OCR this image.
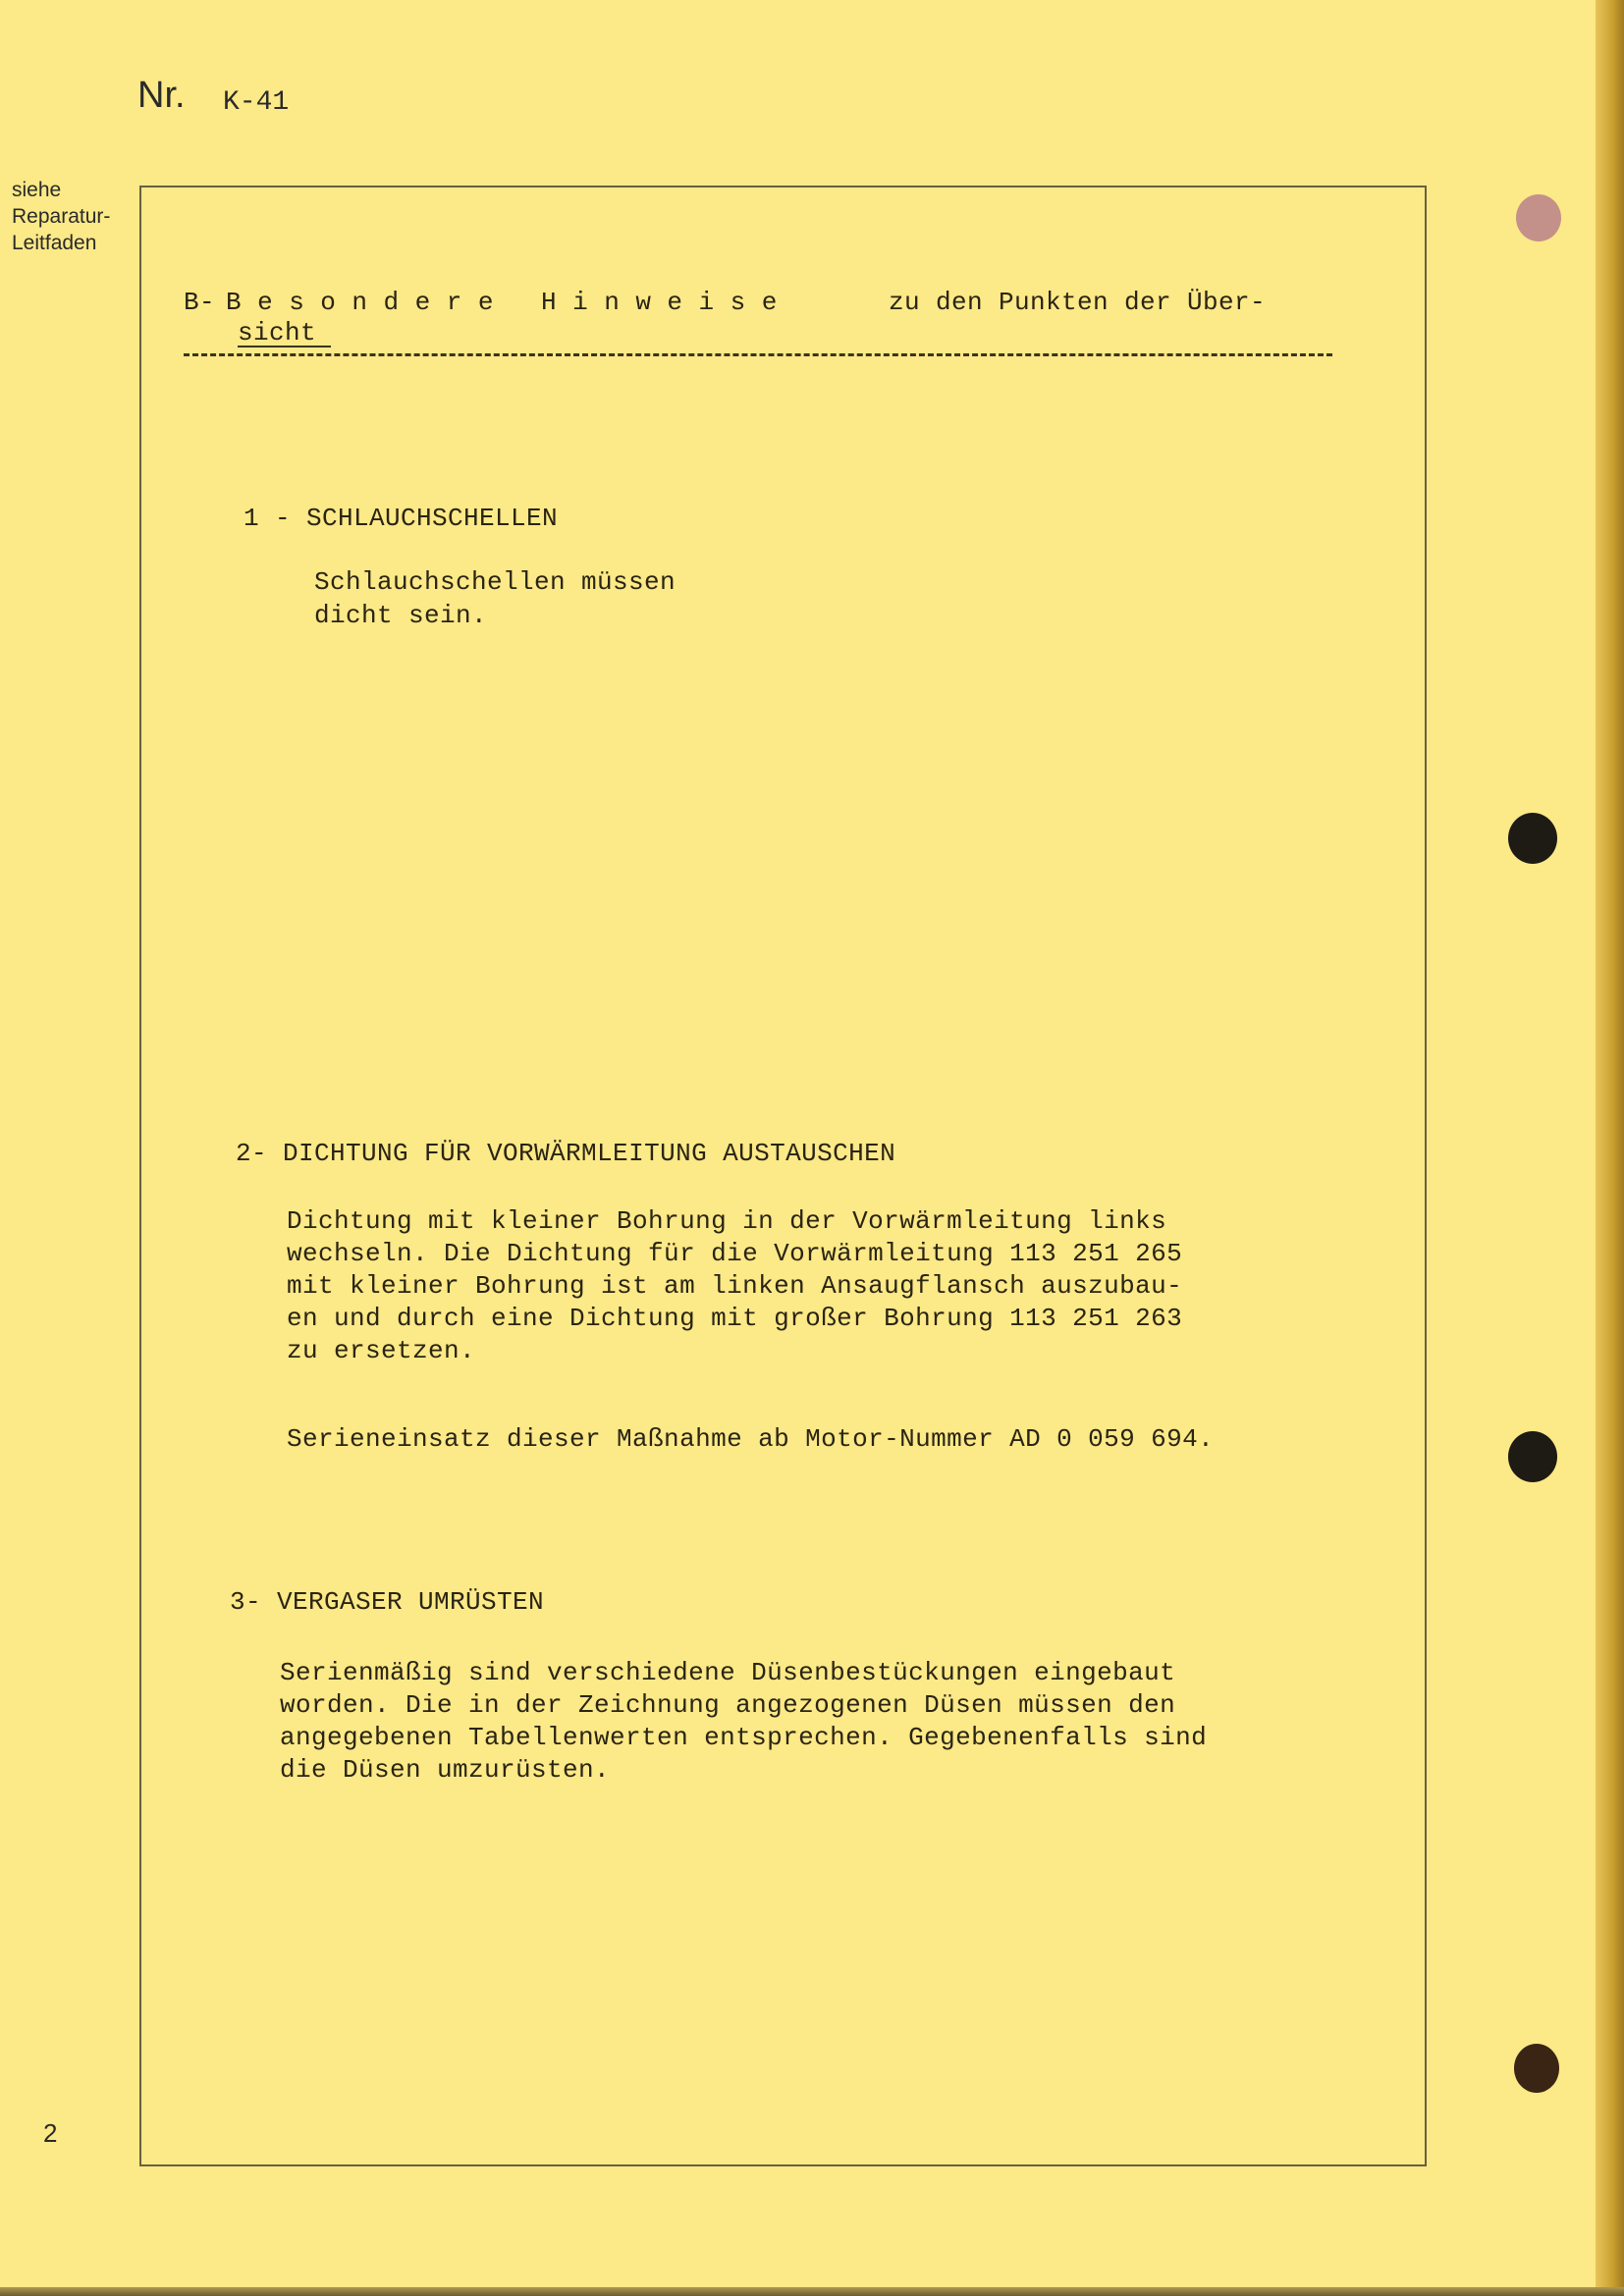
Nr. K-41
siehe
Reparatur-
Leitfaden
B- Besondere Hinweise	zu den Punkten der Über-
sicht
1 - SCHLAUCHSCHELLEN
Schlauchschellen müssen
dicht sein.
2- DICHTUNG FÜR VORWÄRMLEITUNG AUSTAUSCHEN
Dichtung mit kleiner Bohrung in der Vorwärmleitung links
wechseln. Die Dichtung für die Vorwärmleitung 113 251 265
mit kleiner Bohrung ist am linken Ansaugflansch auszubau-
en und durch eine Dichtung mit großer Bohrung 113 251 263
zu ersetzen.
Serieneinsatz dieser Maßnahme ab Motor-Nummer AD 0 059 694.
3- VERGASER UMRÜSTEN
Serienmäßig sind verschiedene Düsenbestückungen eingebaut
worden. Die in der Zeichnung angezogenen Düsen müssen den
angegebenen Tabellenwerten entsprechen. Gegebenenfalls sind
die Düsen umzurüsten.
2
